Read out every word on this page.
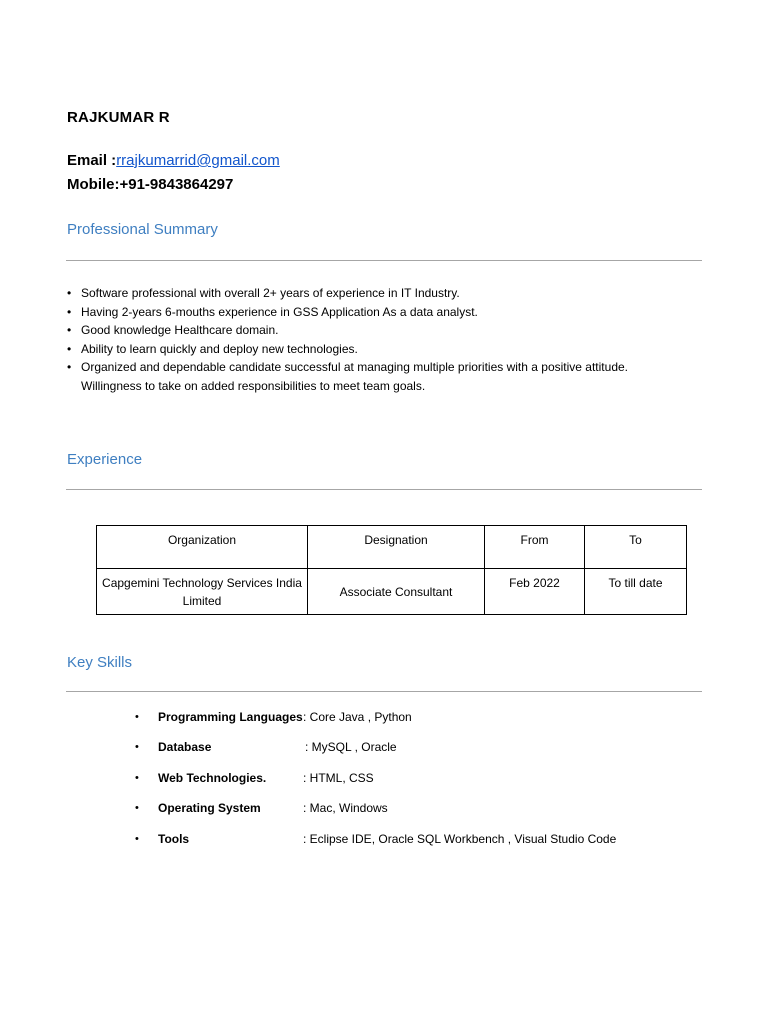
RAJKUMAR R
Email :rrajkumarrid@gmail.com
Mobile:+91-9843864297
Professional Summary
• Software professional with overall 2+ years of experience in IT Industry.
• Having 2-years 6-mouths experience in GSS Application As a data analyst.
• Good knowledge Healthcare domain.
• Ability to learn quickly and deploy new technologies.
• Organized and dependable candidate successful at managing multiple priorities with a positive attitude. Willingness to take on added responsibilities to meet team goals.
Experience
Organization	Designation	From	To
Capgemini Technology Services India Limited	Associate Consultant	Feb 2022	To till date
Key Skills
• Programming Languages : Core Java , Python
• Database	: MySQL , Oracle
• Web Technologies.	: HTML, CSS
• Operating System	: Mac, Windows
• Tools	: Eclipse IDE, Oracle SQL Workbench , Visual Studio Code
